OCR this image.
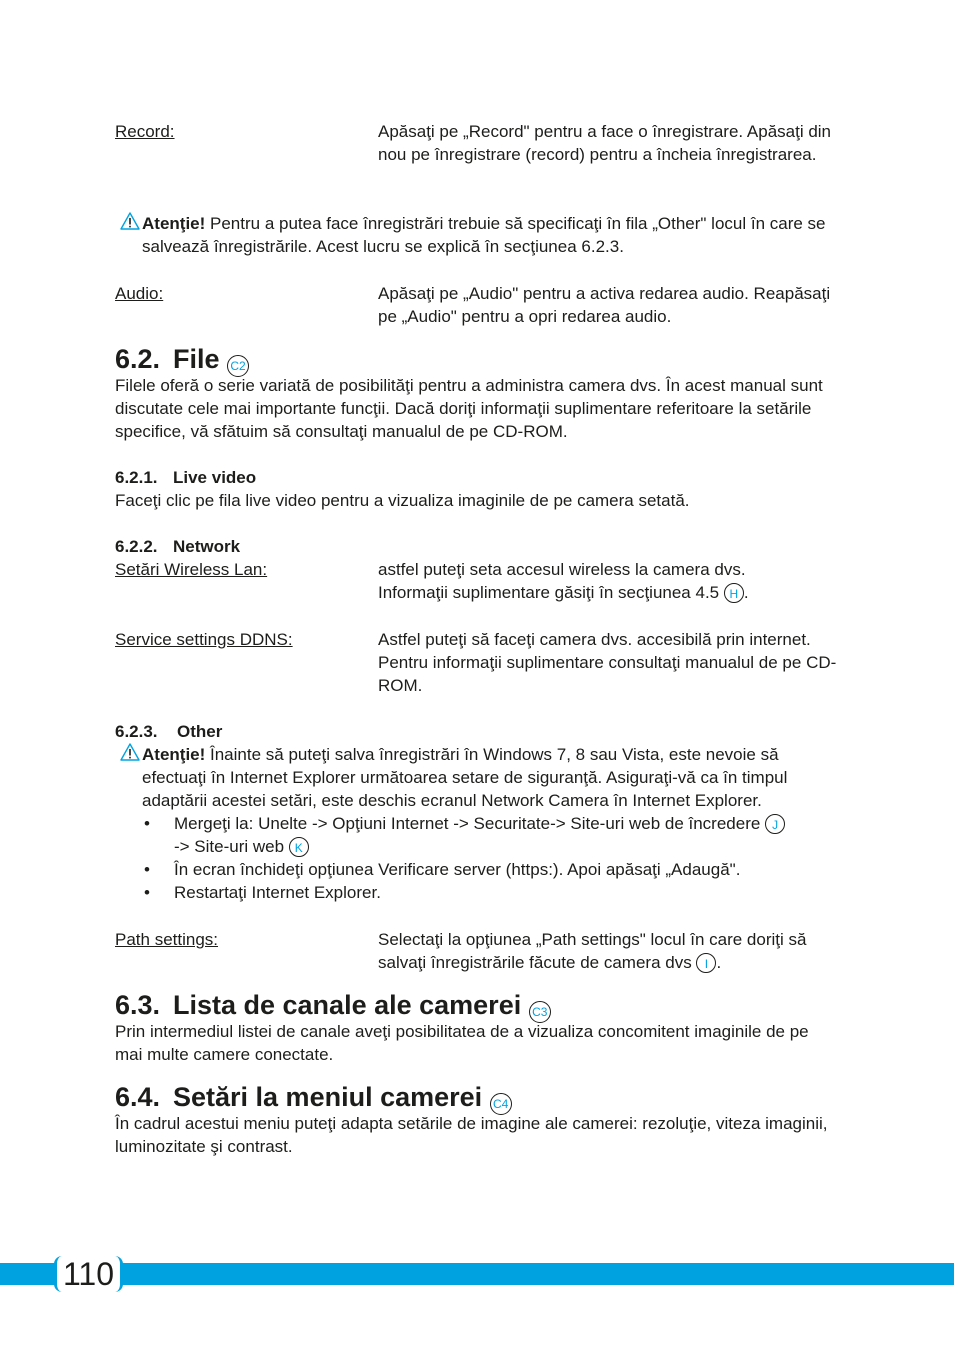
Record:	Apăsaţi pe „Record" pentru a face o înregistrare. Apăsaţi din nou pe înregistrare (record) pentru a încheia înregistrarea.
Atenţie! Pentru a putea face înregistrări trebuie să specificaţi în fila „Other" locul în care se salvează înregistrările. Acest lucru se explică în secţiunea 6.2.3.
Audio:	Apăsaţi pe „Audio" pentru a activa redarea audio. Reapăsaţi pe „Audio" pentru a opri redarea audio.
6.2. File C2
Filele oferă o serie variată de posibilităţi pentru a administra camera dvs. În acest manual sunt discutate cele mai importante funcţii. Dacă doriţi informaţii suplimentare referitoare la setările specifice, vă sfătuim să consultaţi manualul de pe CD-ROM.
6.2.1. Live video
Faceţi clic pe fila live video pentru a vizualiza imaginile de pe camera setată.
6.2.2. Network
Setări Wireless Lan:	astfel puteţi seta accesul wireless la camera dvs.
Informaţii suplimentare găsiţi în secţiunea 4.5 H .
Service settings DDNS:	Astfel puteţi să faceţi camera dvs. accesibilă prin internet. Pentru informaţii suplimentare consultaţi manualul de pe CD-ROM.
6.2.3. Other
Atenţie! Înainte să puteţi salva înregistrări în Windows 7, 8 sau Vista, este nevoie să efectuaţi în Internet Explorer următoarea setare de siguranţă. Asiguraţi-vă ca în timpul adaptării acestei setări, este deschis ecranul Network Camera în Internet Explorer.
• Mergeţi la: Unelte -> Opţiuni Internet -> Securitate-> Site-uri web de încredere J
-> Site-uri web K
• În ecran închideţi opţiunea Verificare server (https:). Apoi apăsaţi „Adaugă".
• Restartaţi Internet Explorer.
Path settings:	Selectaţi la opţiunea „Path settings" locul în care doriţi să salvaţi înregistrările făcute de camera dvs I .
6.3. Lista de canale ale camerei C3
Prin intermediul listei de canale aveţi posibilitatea de a vizualiza concomitent imaginile de pe mai multe camere conectate.
6.4. Setări la meniul camerei C4
În cadrul acestui meniu puteţi adapta setările de imagine ale camerei: rezoluţie, viteza imaginii, luminozitate şi contrast.
110
